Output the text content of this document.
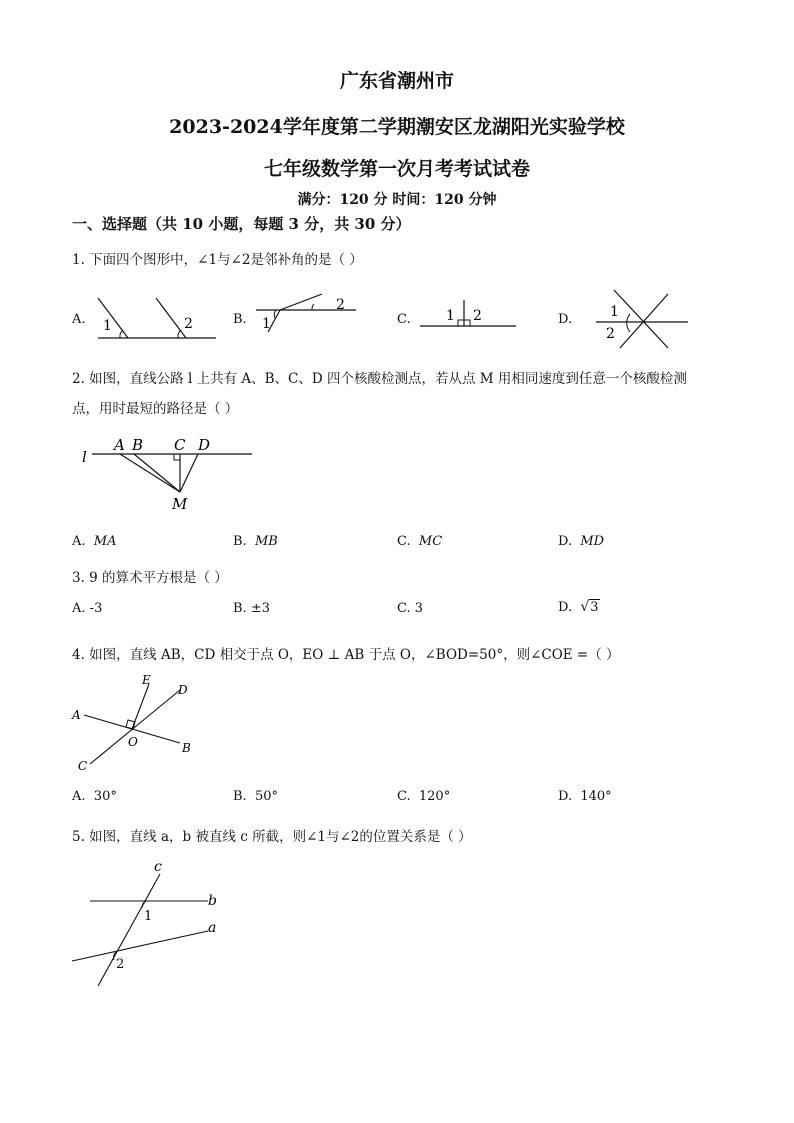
广东省潮州市
2023-2024学年度第二学期潮安区龙湖阳光实验学校
七年级数学第一次月考考试试卷
满分：120 分 时间：120 分钟
一、选择题（共 10 小题，每题 3 分，共 30 分）
1. 下面四个图形中，∠1与∠2是邻补角的是（ ）
A. 1	2	B.
2
1	C.	1 2	D.	1
2
2. 如图，直线公路 l 上共有 A、B、C、D 四个核酸检测点，若从点 M 用相同速度到任意一个核酸检测
点，用时最短的路径是（ ）
l
A B C D
M
A. MA	B. MB	C. MC	D. MD
3. 9 的算术平方根是（ ）
A. -3	B. ±3	C. 3	D. √3
4. 如图，直线 AB，CD 相交于点 O，EO ⊥ AB 于点 O，∠BOD=50°，则∠COE =（ ）
A
B
C
D
E
O
A. 30°	B. 50°	C. 120°	D. 140°
5. 如图，直线 a，b 被直线 c 所截，则∠1与∠2的位置关系是（ ）
c
b
a
1
2
